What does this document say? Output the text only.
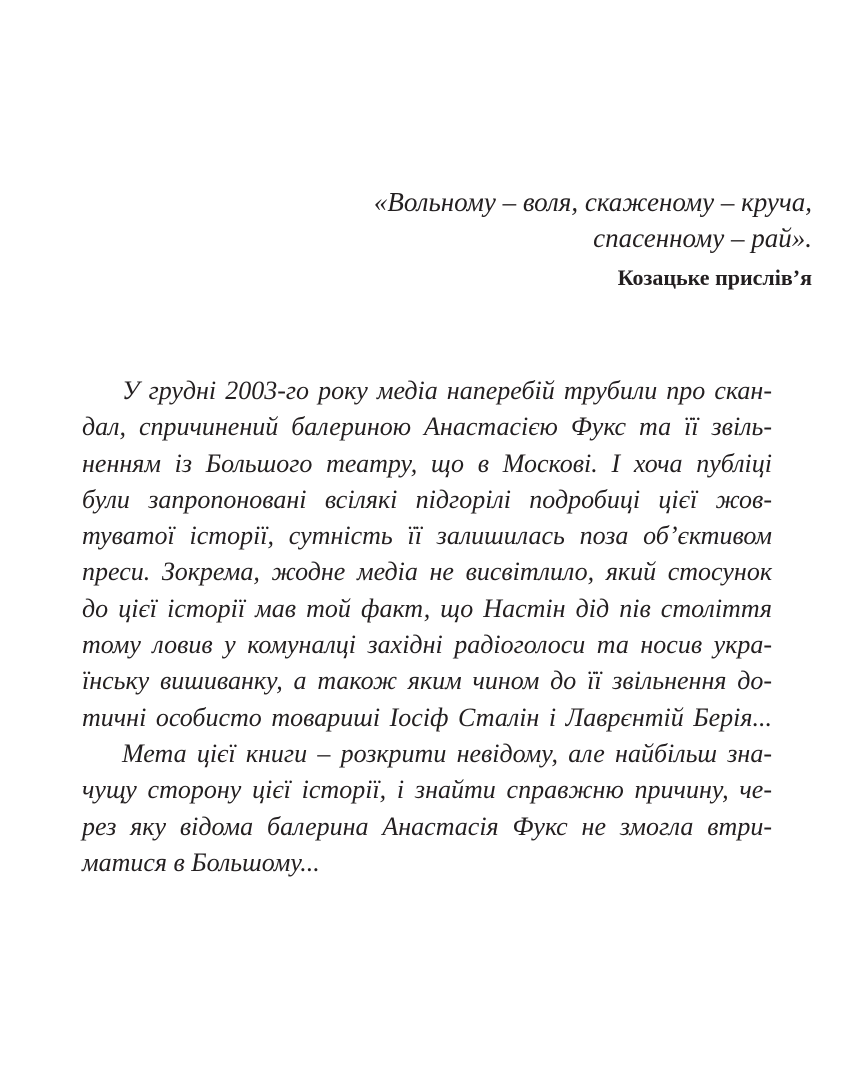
«Вольному – воля, скаженому – круча,
спасенному – рай».
Козацьке прислів’я
У грудні 2003-го року медіа наперебій трубили про скан-
дал, спричинений балериною Анастасією Фукс та її звіль-
ненням із Большого театру, що в Москові. І хоча публіці
були запропоновані всілякі підгорілі подробиці цієї жов-
туватої історії, сутність її залишилась поза об’єктивом
преси. Зокрема, жодне медіа не висвітлило, який стосунок
до цієї історії мав той факт, що Настін дід пів століття
тому ловив у комуналці західні радіоголоси та носив укра-
їнську вишиванку, а також яким чином до її звільнення до-
тичні особисто товариші Іосіф Сталін і Лаврєнтій Берія...
Мета цієї книги – розкрити невідому, але найбільш зна-
чущу сторону цієї історії, і знайти справжню причину, че-
рез яку відома балерина Анастасія Фукс не змогла втри-
матися в Большому...
